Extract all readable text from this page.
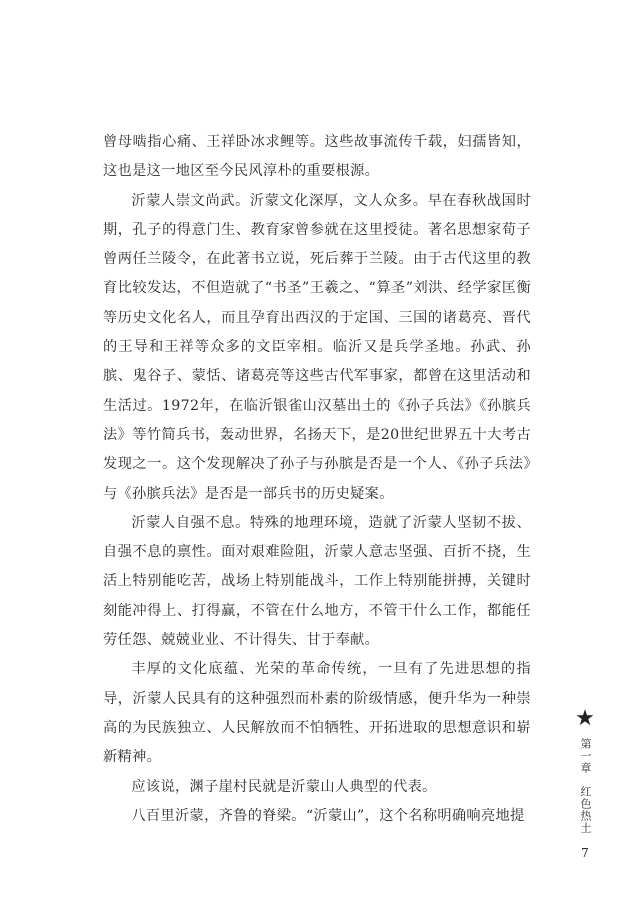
曾母啮指心痛、王祥卧冰求鲤等。这些故事流传千载，妇孺皆知，这也是这一地区至今民风淳朴的重要根源。

沂蒙人崇文尚武。沂蒙文化深厚，文人众多。早在春秋战国时期，孔子的得意门生、教育家曾参就在这里授徒。著名思想家荀子曾两任兰陵令，在此著书立说，死后葬于兰陵。由于古代这里的教育比较发达，不但造就了“书圣”王羲之、“算圣”刘洪、经学家匡衡等历史文化名人，而且孕育出西汉的于定国、三国的诸葛亮、晋代的王导和王祥等众多的文臣宰相。临沂又是兵学圣地。孙武、孙膑、鬼谷子、蒙恬、诸葛亮等这些古代军事家，都曾在这里活动和生活过。1972年，在临沂银雀山汉墓出土的《孙子兵法》《孙膑兵法》等竹简兵书，轰动世界，名扬天下，是20世纪世界五十大考古发现之一。这个发现解决了孙子与孙膑是否是一个人、《孙子兵法》与《孙膑兵法》是否是一部兵书的历史疑案。

沂蒙人自强不息。特殊的地理环境，造就了沂蒙人坚韧不拔、自强不息的禀性。面对艰难险阻，沂蒙人意志坚强、百折不挠，生活上特别能吃苦，战场上特别能战斗，工作上特别能拼搏，关键时刻能冲得上、打得赢，不管在什么地方，不管干什么工作，都能任劳任怨、兢兢业业、不计得失、甘于奉献。

丰厚的文化底蕴、光荣的革命传统，一旦有了先进思想的指导，沂蒙人民具有的这种强烈而朴素的阶级情感，便升华为一种崇高的为民族独立、人民解放而不怕牺牲、开拓进取的思想意识和崭新精神。

应该说，渊子崖村民就是沂蒙山人典型的代表。

八百里沂蒙，齐鲁的脊梁。“沂蒙山”，这个名称明确响亮地提

★
第一章
红色热土
7
